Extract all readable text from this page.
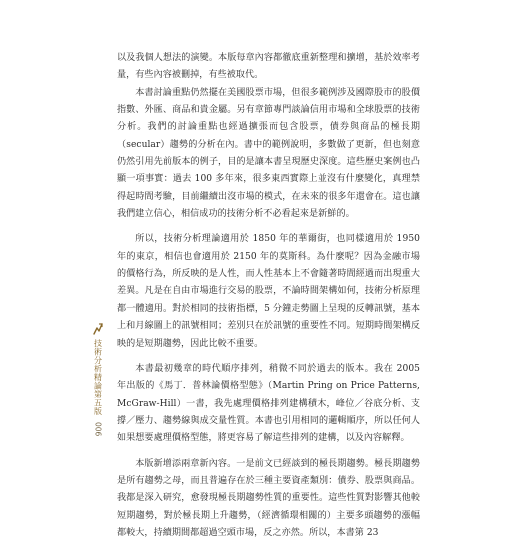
以及我個人想法的演變。本版每章內容都徹底重新整理和擴增，基於效率考量，有些內容被刪掉，有些被取代。

本書討論重點仍然擺在美國股票市場，但很多範例涉及國際股市的股價指數、外匯、商品和貴金屬。另有章節專門談論信用市場和全球股票的技術分析。我們的討論重點也經過擴張而包含股票，債券與商品的極長期（secular）趨勢的分析在內。書中的範例說明，多數做了更新，但也刻意仍然引用先前版本的例子，目的是讓本書呈現歷史深度。這些歷史案例也凸顯一項事實：過去 100 多年來，很多東西實際上並沒有什麼變化，真理禁得起時間考驗，目前繼續出沒市場的模式，在未來的很多年還會在。這也讓我們建立信心，相信成功的技術分析不必看起來是新鮮的。

所以，技術分析理論適用於 1850 年的華爾街，也同樣適用於 1950 年的東京，相信也會適用於 2150 年的莫斯科。為什麼呢？因為金融市場的價格行為，所反映的是人性，而人性基本上不會隨著時間經過而出現重大差異。凡是在自由市場進行交易的股票，不論時間架構如何，技術分析原理都一體適用。對於相同的技術指標，5 分鐘走勢圖上呈現的反轉訊號，基本上和月線圖上的訊號相同；差別只在於訊號的重要性不同。短期時間架構反映的是短期趨勢，因此比較不重要。

本書最初幾章的時代順序排列，稍微不同於過去的版本。我在 2005 年出版的《馬丁．普林論價格型態》（Martin Pring on Price Patterns, McGraw-Hill）一書，我先處理價格排列建構積木，峰位／谷底分析、支撐／壓力、趨勢線與成交量性質。本書也引用相同的邏輯順序，所以任何人如果想要處理價格型態，將更容易了解這些排列的建構，以及內容解釋。

本版新增添兩章新內容。一是前文已經談到的極長期趨勢。極長期趨勢是所有趨勢之母，而且普遍存在於三種主要資產類別：債券、股票與商品。我都是深入研究，愈發現極長期趨勢性質的重要性。這些性質對影響其他較短期趨勢，對於極長期上升趨勢，（經濟循環相關的）主要多頭趨勢的漲幅都較大，持續期間都超過空頭市場，反之亦然。所以，本書第 23

技術分析精論第五版
006
